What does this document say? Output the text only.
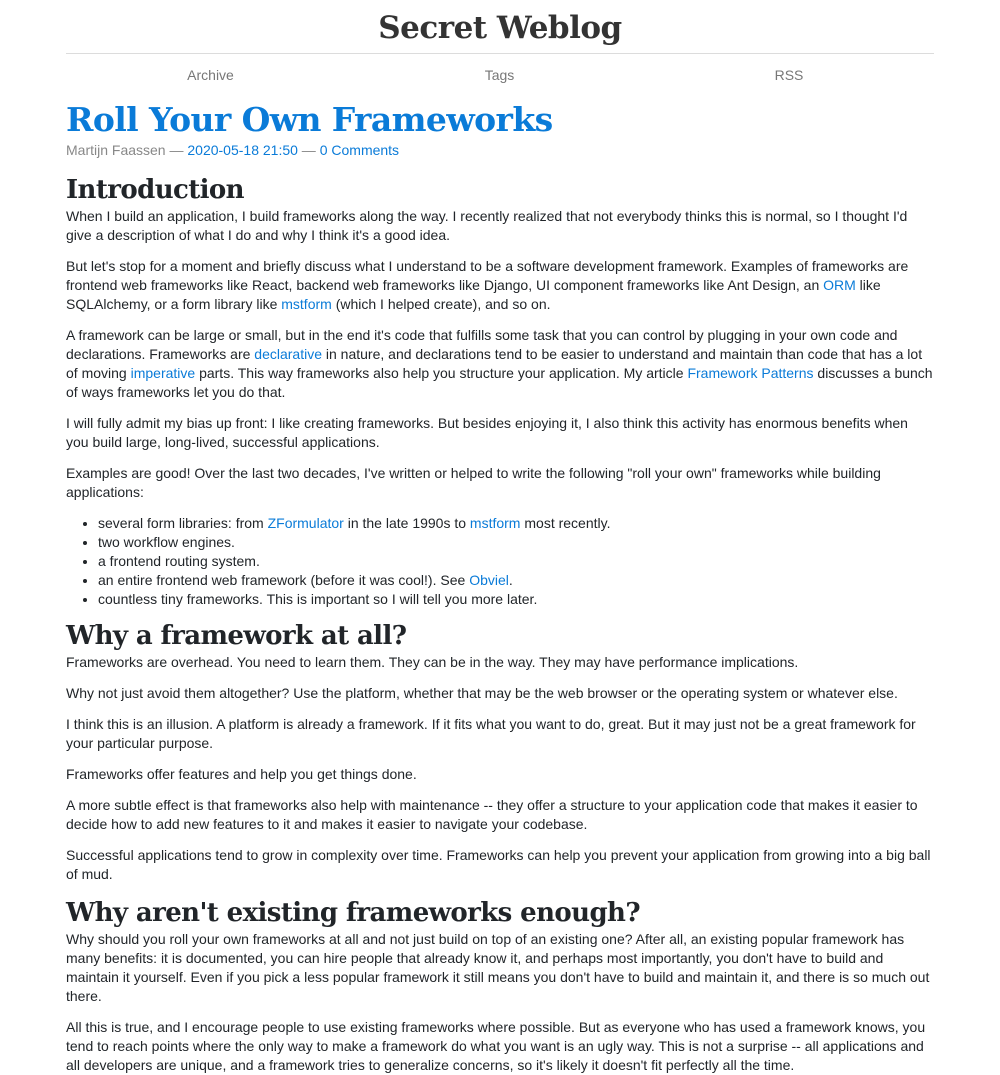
Secret Weblog
Archive	Tags	RSS
Roll Your Own Frameworks
Martijn Faassen — 2020-05-18 21:50 — 0 Comments
Introduction

When I build an application, I build frameworks along the way. I recently realized that not everybody thinks this is normal, so I thought I'd give a description of what I do and why I think it's a good idea.

But let's stop for a moment and briefly discuss what I understand to be a software development framework. Examples of frameworks are frontend web frameworks like React, backend web frameworks like Django, UI component frameworks like Ant Design, an ORM like SQLAlchemy, or a form library like mstform (which I helped create), and so on.

A framework can be large or small, but in the end it's code that fulfills some task that you can control by plugging in your own code and declarations. Frameworks are declarative in nature, and declarations tend to be easier to understand and maintain than code that has a lot of moving imperative parts. This way frameworks also help you structure your application. My article Framework Patterns discusses a bunch of ways frameworks let you do that.

I will fully admit my bias up front: I like creating frameworks. But besides enjoying it, I also think this activity has enormous benefits when you build large, long-lived, successful applications.

Examples are good! Over the last two decades, I've written or helped to write the following "roll your own" frameworks while building applications:

• several form libraries: from ZFormulator in the late 1990s to mstform most recently.
• two workflow engines.
• a frontend routing system.
• an entire frontend web framework (before it was cool!). See Obviel.
• countless tiny frameworks. This is important so I will tell you more later.
Why a framework at all?

Frameworks are overhead. You need to learn them. They can be in the way. They may have performance implications.

Why not just avoid them altogether? Use the platform, whether that may be the web browser or the operating system or whatever else.

I think this is an illusion. A platform is already a framework. If it fits what you want to do, great. But it may just not be a great framework for your particular purpose.

Frameworks offer features and help you get things done.

A more subtle effect is that frameworks also help with maintenance -- they offer a structure to your application code that makes it easier to decide how to add new features to it and makes it easier to navigate your codebase.

Successful applications tend to grow in complexity over time. Frameworks can help you prevent your application from growing into a big ball of mud.

Why aren't existing frameworks enough?

Why should you roll your own frameworks at all and not just build on top of an existing one? After all, an existing popular framework has many benefits: it is documented, you can hire people that already know it, and perhaps most importantly, you don't have to build and maintain it yourself. Even if you pick a less popular framework it still means you don't have to build and maintain it, and there is so much out there.

All this is true, and I encourage people to use existing frameworks where possible. But as everyone who has used a framework knows, you tend to reach points where the only way to make a framework do what you want is an ugly way. This is not a surprise -- all applications and all developers are unique, and a framework tries to generalize concerns, so it's likely it doesn't fit perfectly all the time.
